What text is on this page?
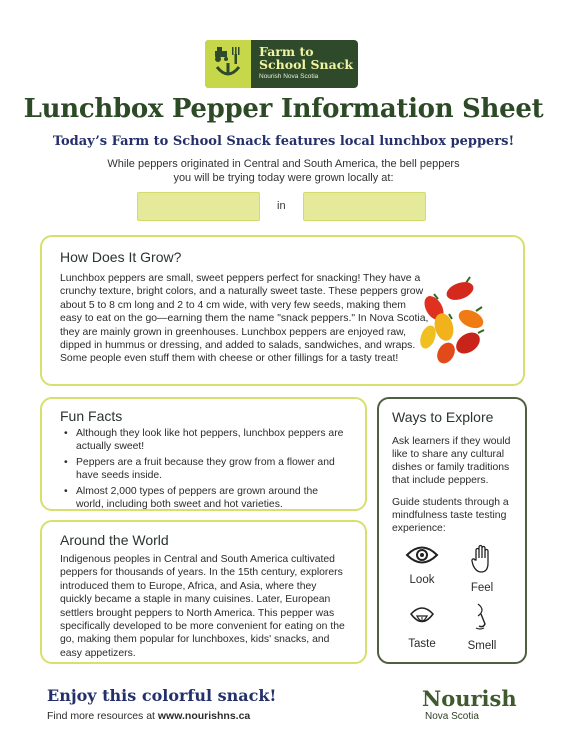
Farm to
School Snack
Nourish Nova Scotia
Lunchbox Pepper Information Sheet
Today’s Farm to School Snack features local lunchbox peppers!
While peppers originated in Central and South America, the bell peppers you will be trying today were grown locally at:
in
How Does It Grow?

Lunchbox peppers are small, sweet peppers perfect for snacking! They have a crunchy texture, bright colors, and a naturally sweet taste. These peppers grow about 5 to 8 cm long and 2 to 4 cm wide, with very few seeds, making them easy to eat on the go—earning them the name "snack peppers." In Nova Scotia, they are mainly grown in greenhouses. Lunchbox peppers are enjoyed raw, dipped in hummus or dressing, and added to salads, sandwiches, and wraps. Some people even stuff them with cheese or other fillings for a tasty treat!

Fun Facts
• Although they look like hot peppers, lunchbox peppers are actually sweet!
• Peppers are a fruit because they grow from a flower and have seeds inside.
• Almost 2,000 types of peppers are grown around the world, including both sweet and hot varieties.
Around the World

Indigenous peoples in Central and South America cultivated peppers for thousands of years. In the 15th century, explorers introduced them to Europe, Africa, and Asia, where they quickly became a staple in many cuisines. Later, European settlers brought peppers to North America. This pepper was specifically developed to be more convenient for eating on the go, making them popular for lunchboxes, kids' snacks, and easy appetizers.

Ways to Explore

Ask learners if they would like to share any cultural dishes or family traditions that include peppers.

Guide students through a mindfulness taste testing experience:

Look
Feel
Taste	Smell
Enjoy this colorful snack!
Find more resources at www.nourishns.ca
Nourish
Nova Scotia
